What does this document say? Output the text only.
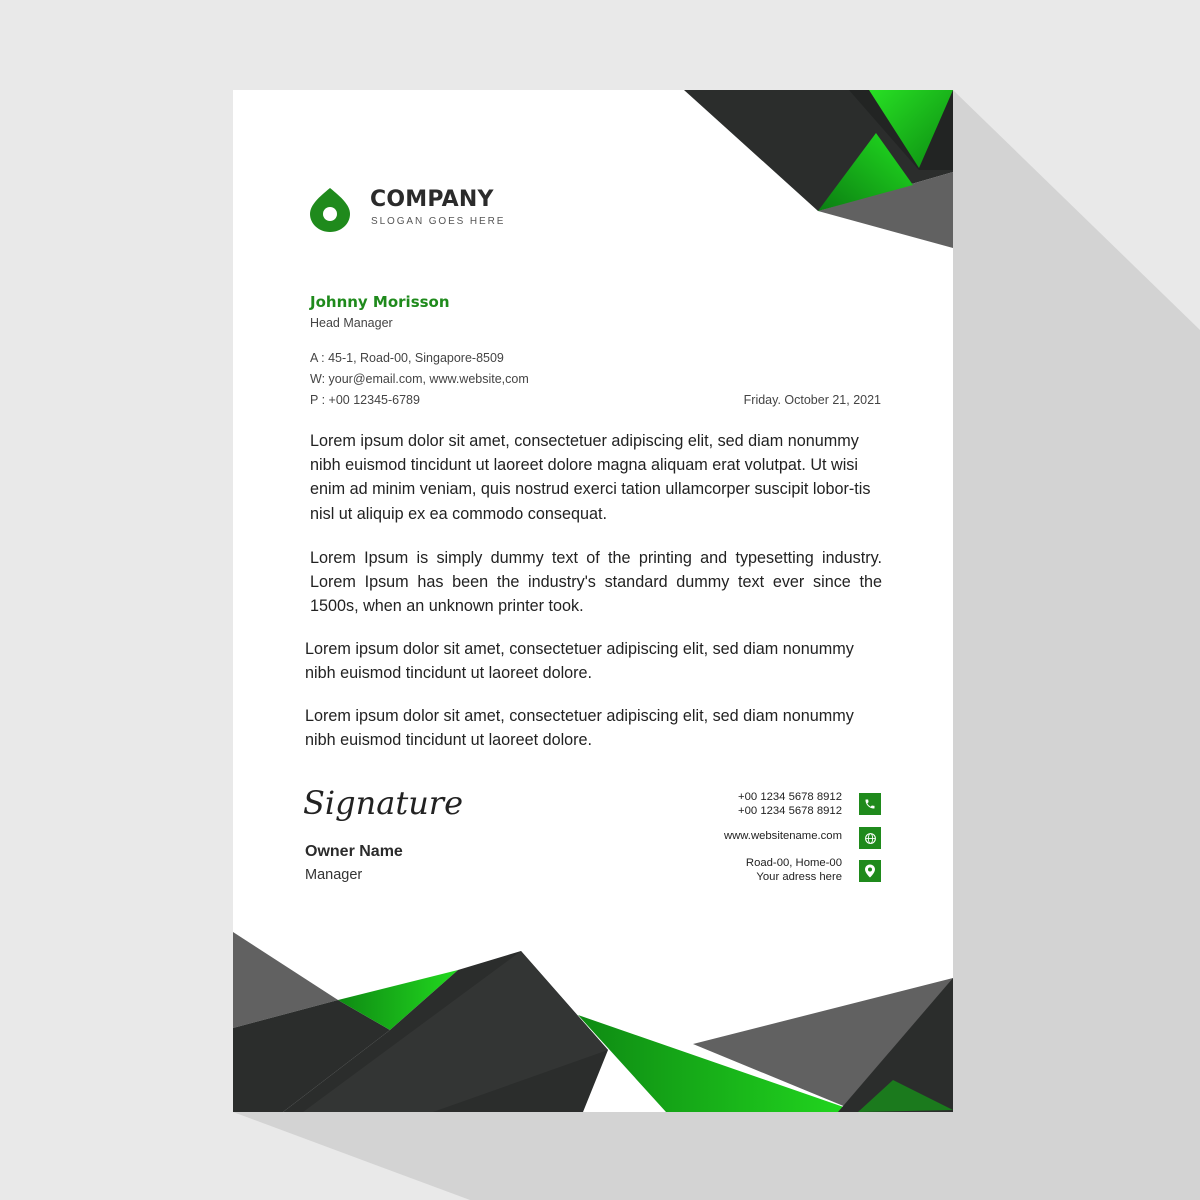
COMPANY
SLOGAN GOES HERE
Johnny Morisson
Head Manager
A : 45-1, Road-00, Singapore-8509
W: your@email.com, www.website,com
P : +00 12345-6789	Friday. October 21, 2021

Lorem ipsum dolor sit amet, consectetuer adipiscing elit, sed diam nonummy nibh euismod tincidunt ut laoreet dolore magna aliquam erat volutpat. Ut wisi enim ad minim veniam, quis nostrud exerci tation ullamcorper suscipit lobor-tis nisl ut aliquip ex ea commodo consequat.

Lorem Ipsum is simply dummy text of the printing and typesetting industry. Lorem Ipsum has been the industry's standard dummy text ever since the 1500s, when an unknown printer took.

Lorem ipsum dolor sit amet, consectetuer adipiscing elit, sed diam nonummy nibh euismod tincidunt ut laoreet dolore.

Lorem ipsum dolor sit amet, consectetuer adipiscing elit, sed diam nonummy nibh euismod tincidunt ut laoreet dolore.

Signature
Owner Name
Manager
+00 1234 5678 8912
+00 1234 5678 8912
www.websitename.com
Road-00, Home-00
Your adress here
